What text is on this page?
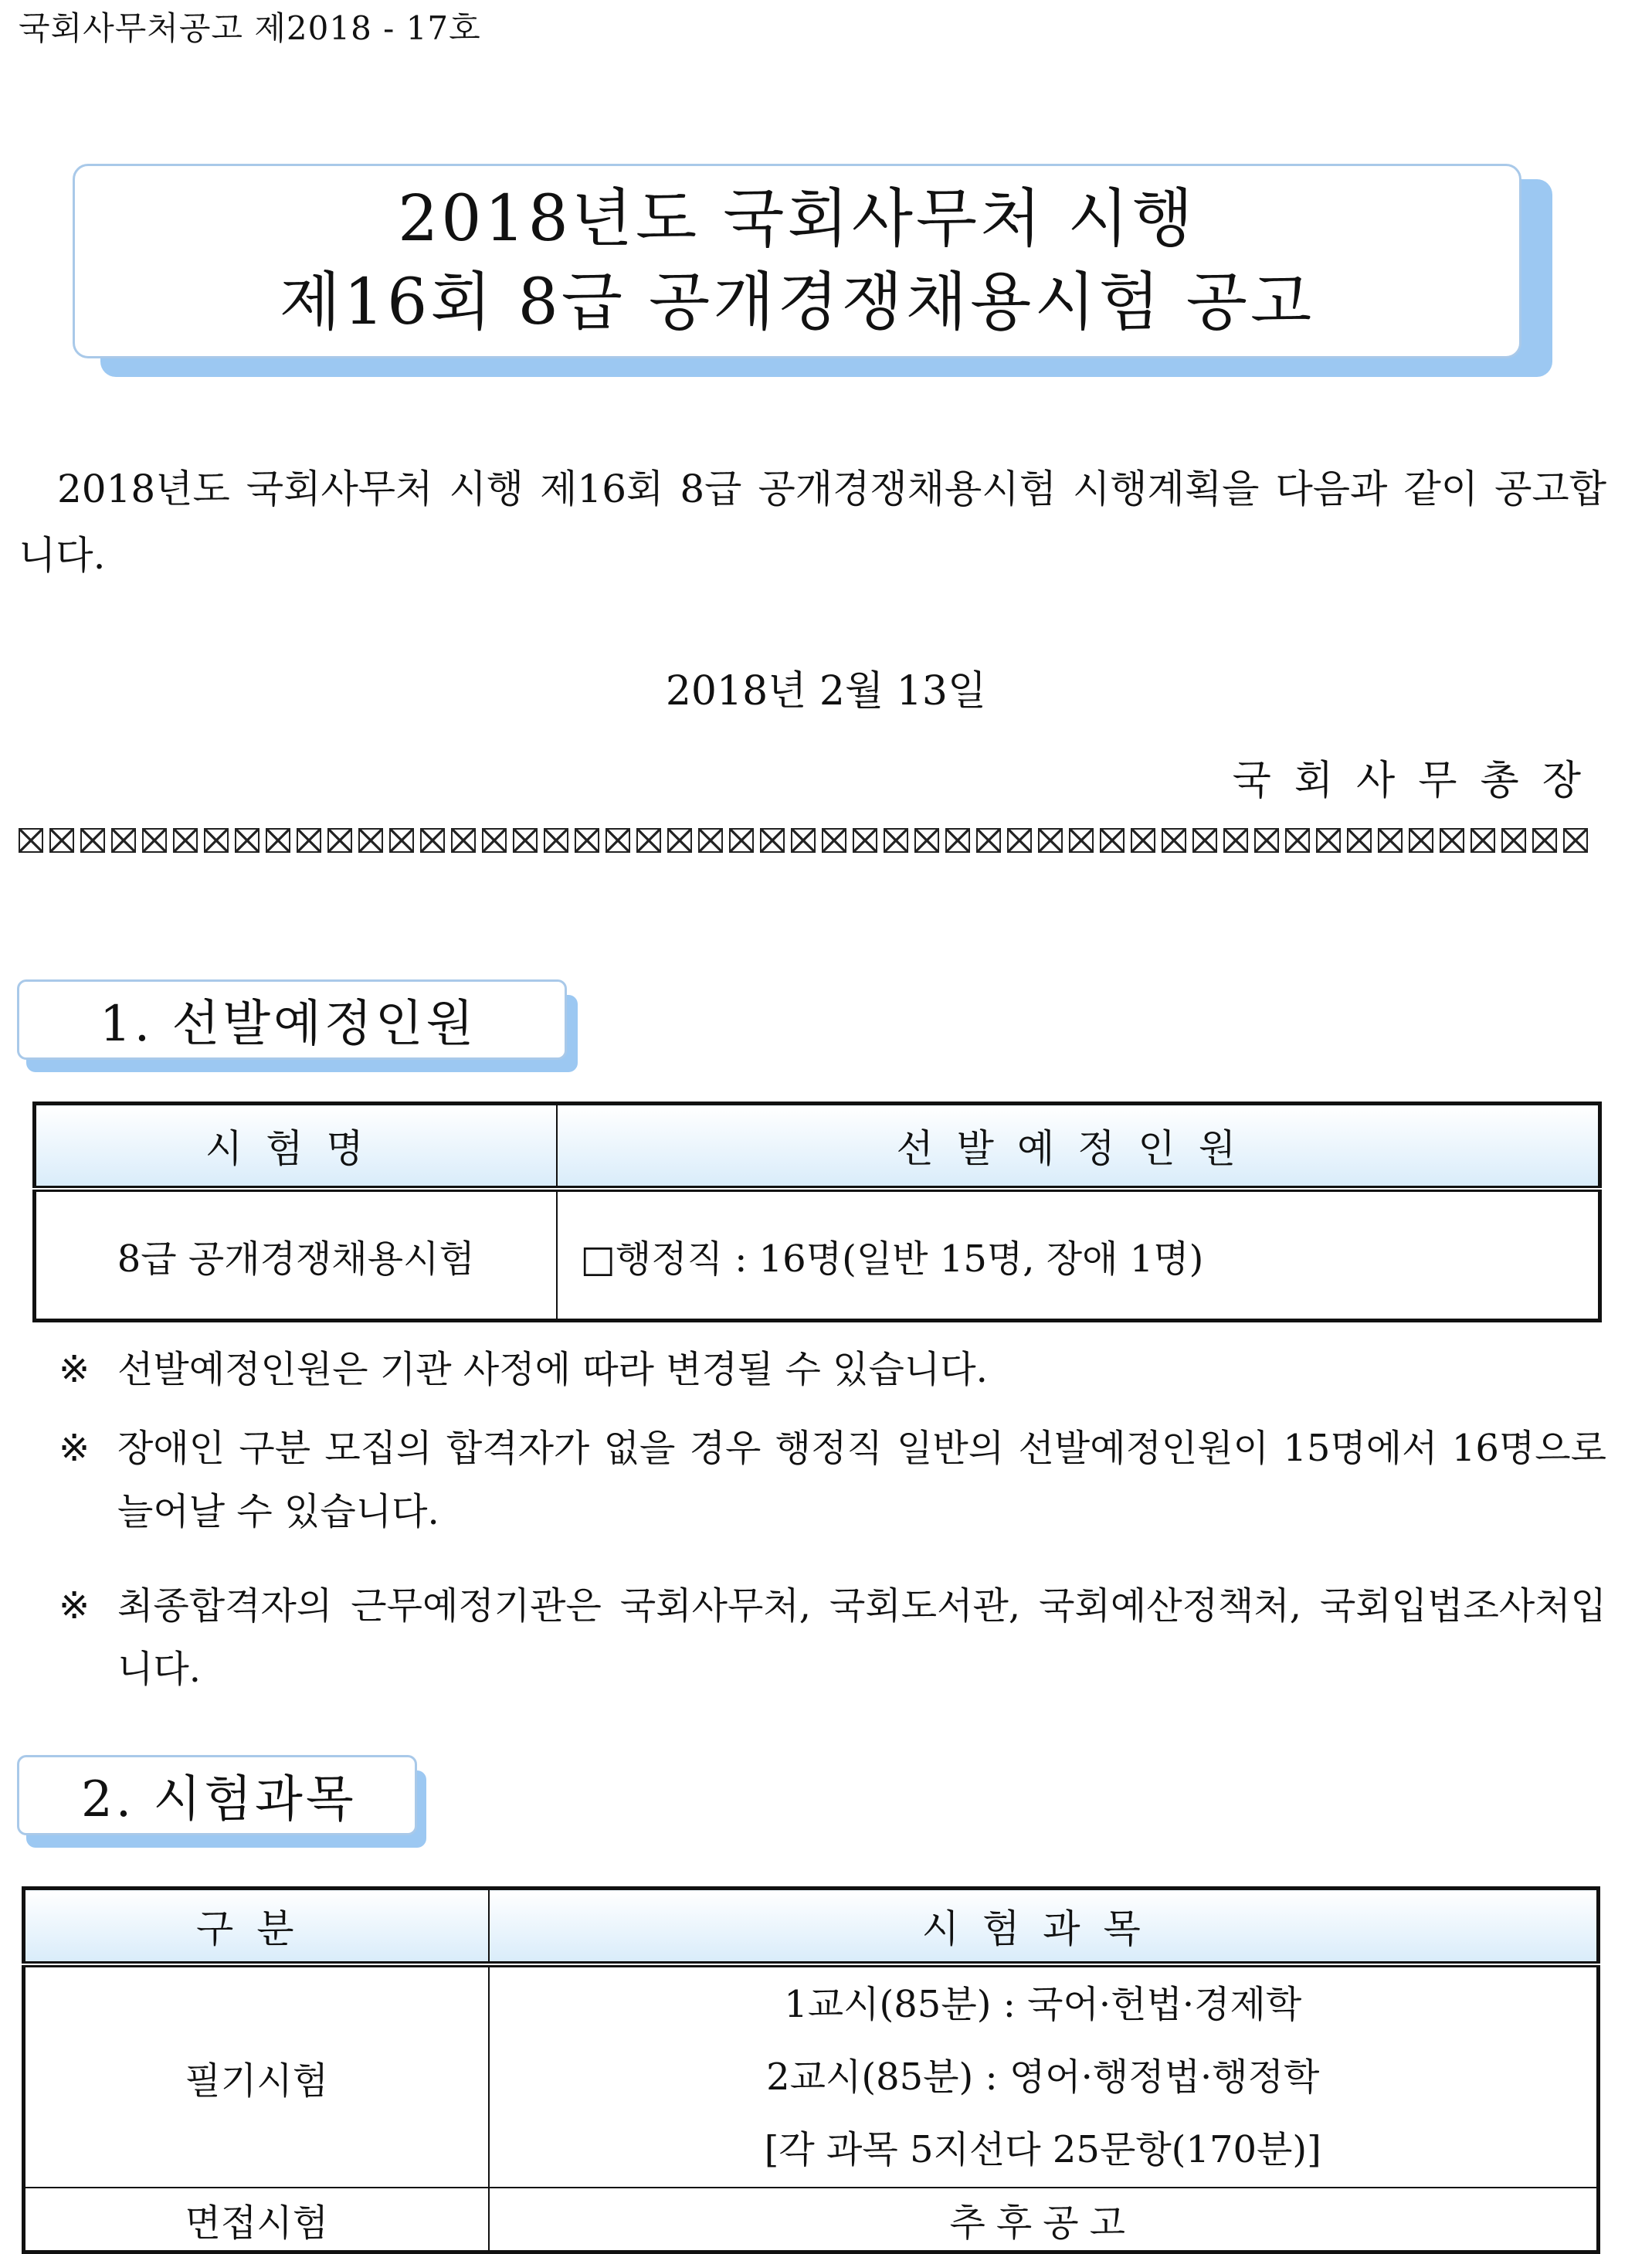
국회사무처공고 제2018 - 17호
2018년도 국회사무처 시행
제16회 8급 공개경쟁채용시험 공고
2018년도 국회사무처 시행 제16회 8급 공개경쟁채용시험 시행계획을 다음과 같이 공고합니다.
2018년 2월 13일
국회사무총장
1. 선발예정인원
시험명	선발예정인원
8급 공개경쟁채용시험	□행정직 : 16명(일반 15명, 장애 1명)
※ 선발예정인원은 기관 사정에 따라 변경될 수 있습니다.
※ 장애인 구분 모집의 합격자가 없을 경우 행정직 일반의 선발예정인원이 15명에서 16명으로 늘어날 수 있습니다.
※ 최종합격자의 근무예정기관은 국회사무처, 국회도서관, 국회예산정책처, 국회입법조사처입니다.
2. 시험과목
구분	시험과목
필기시험	1교시(85분) : 국어·헌법·경제학
2교시(85분) : 영어·행정법·행정학
[각 과목 5지선다 25문항(170분)]

면접시험	추후공고
